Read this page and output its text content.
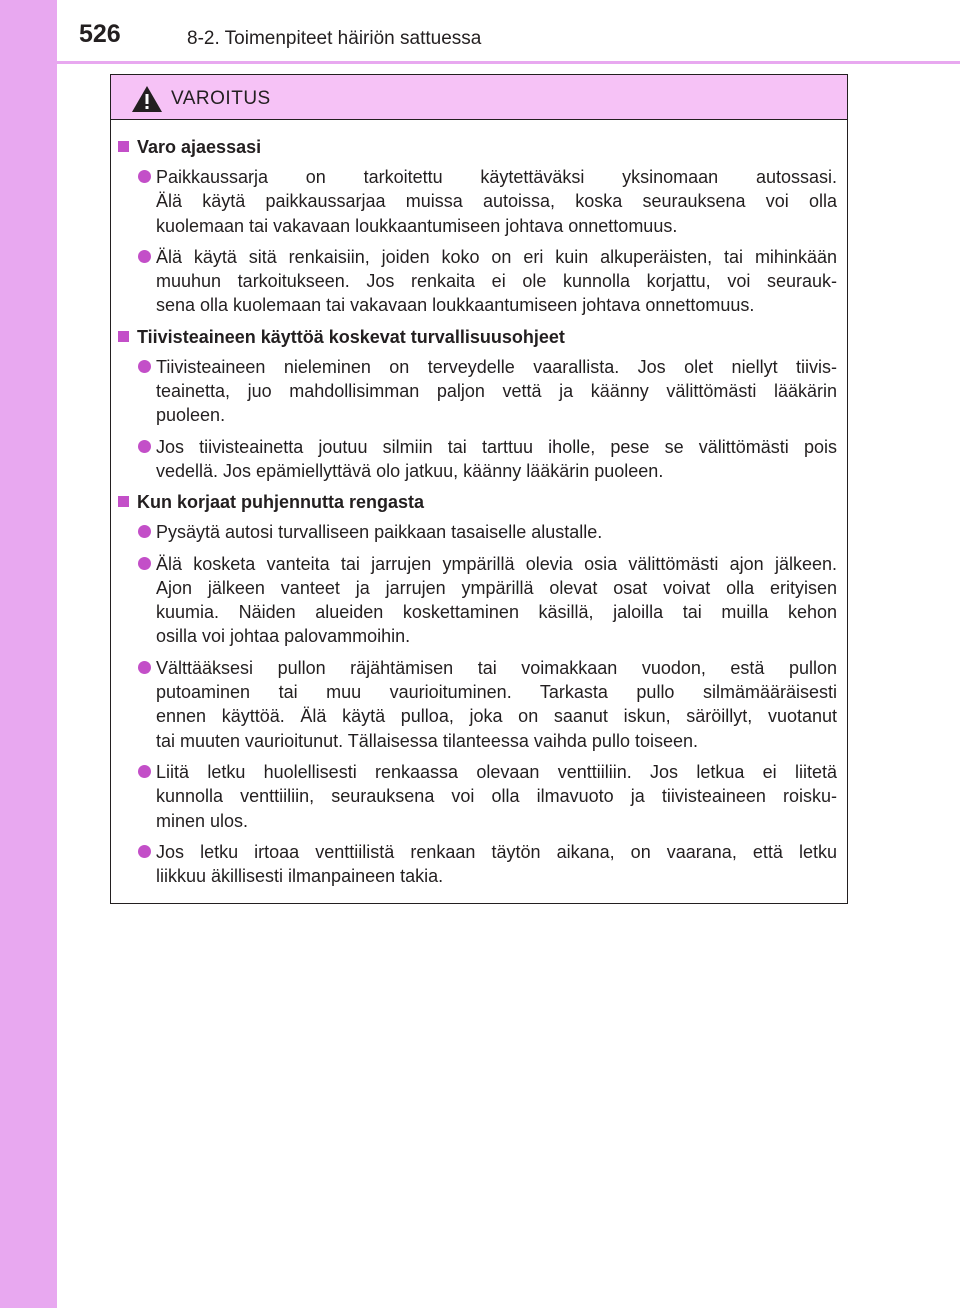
526	8-2. Toimenpiteet häiriön sattuessa
VAROITUS
Varo ajaessasi
Paikkaussarja on tarkoitettu käytettäväksi yksinomaan autossasi.
Älä käytä paikkaussarjaa muissa autoissa, koska seurauksena voi olla
kuolemaan tai vakavaan loukkaantumiseen johtava onnettomuus.
Älä käytä sitä renkaisiin, joiden koko on eri kuin alkuperäisten, tai mihinkään
muuhun tarkoitukseen. Jos renkaita ei ole kunnolla korjattu, voi seurauk-
sena olla kuolemaan tai vakavaan loukkaantumiseen johtava onnettomuus.
Tiivisteaineen käyttöä koskevat turvallisuusohjeet
Tiivisteaineen nieleminen on terveydelle vaarallista. Jos olet niellyt tiivis-
teainetta, juo mahdollisimman paljon vettä ja käänny välittömästi lääkärin
puoleen.
Jos tiivisteainetta joutuu silmiin tai tarttuu iholle, pese se välittömästi pois
vedellä. Jos epämiellyttävä olo jatkuu, käänny lääkärin puoleen.
Kun korjaat puhjennutta rengasta
Pysäytä autosi turvalliseen paikkaan tasaiselle alustalle.
Älä kosketa vanteita tai jarrujen ympärillä olevia osia välittömästi ajon jälkeen.
Ajon jälkeen vanteet ja jarrujen ympärillä olevat osat voivat olla erityisen
kuumia. Näiden alueiden koskettaminen käsillä, jaloilla tai muilla kehon
osilla voi johtaa palovammoihin.
Välttääksesi pullon räjähtämisen tai voimakkaan vuodon, estä pullon
putoaminen tai muu vaurioituminen. Tarkasta pullo silmämääräisesti
ennen käyttöä. Älä käytä pulloa, joka on saanut iskun, säröillyt, vuotanut
tai muuten vaurioitunut. Tällaisessa tilanteessa vaihda pullo toiseen.
Liitä letku huolellisesti renkaassa olevaan venttiiliin. Jos letkua ei liitetä
kunnolla venttiiliin, seurauksena voi olla ilmavuoto ja tiivisteaineen roisku-
minen ulos.
Jos letku irtoaa venttiilistä renkaan täytön aikana, on vaarana, että letku
liikkuu äkillisesti ilmanpaineen takia.
